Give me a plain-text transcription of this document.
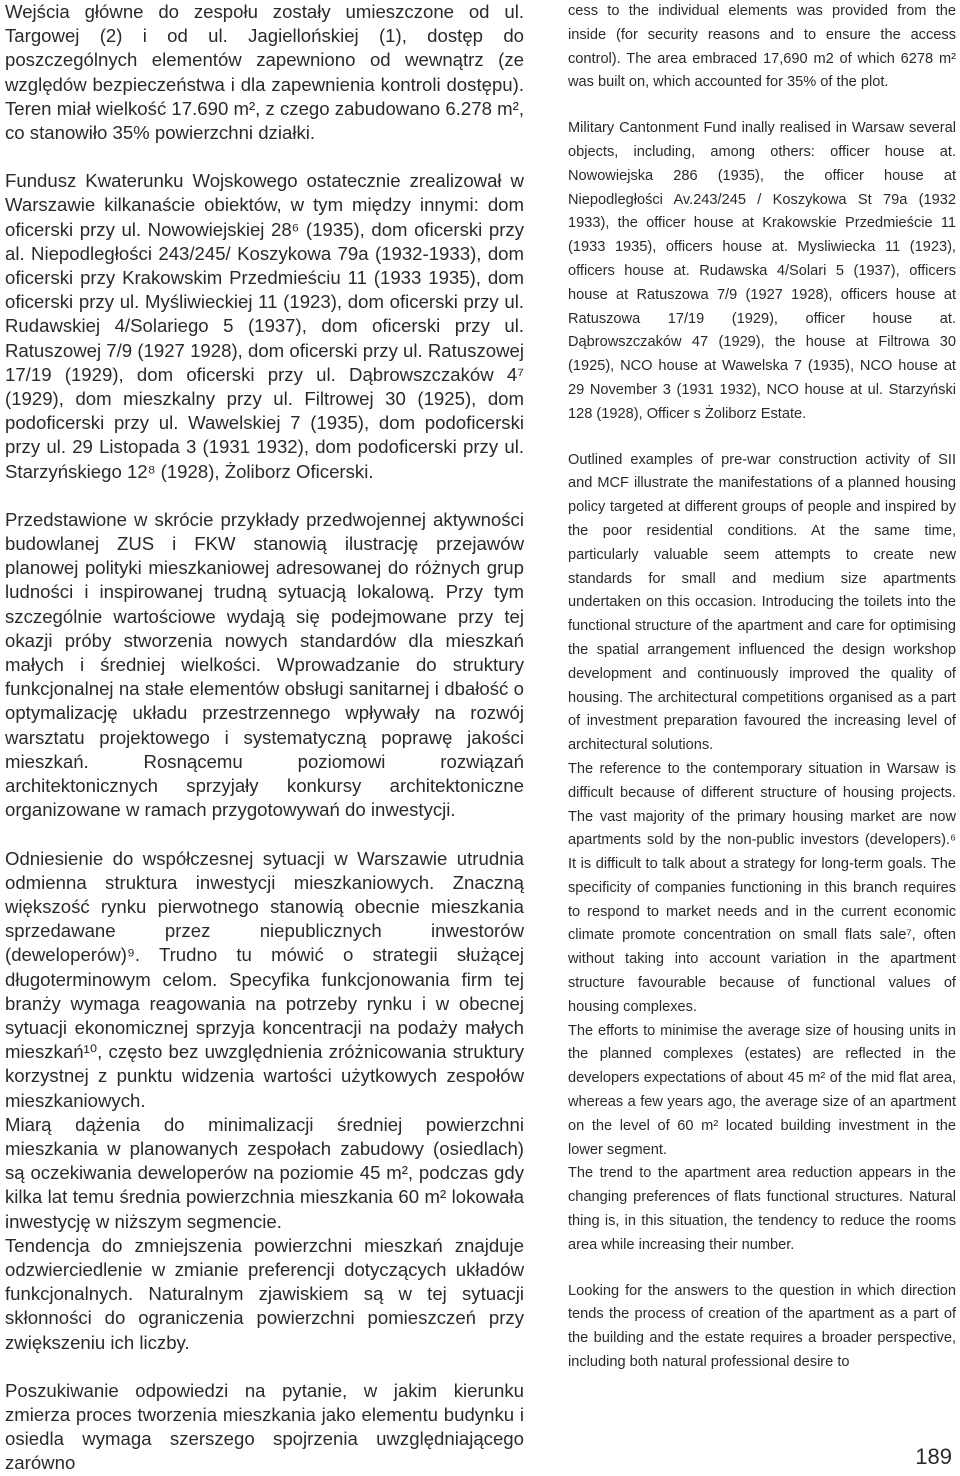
Wejścia główne do zespołu zostały umieszczone od ul. Targowej (2) i od ul. Jagiellońskiej (1), dostęp do poszczególnych elementów zapewniono od wewnątrz (ze względów bezpieczeństwa i dla zapewnienia kontroli dostępu). Teren miał wielkość 17.690 m², z czego zabudowano 6.278 m², co stanowiło 35% powierzchni działki.

Fundusz Kwaterunku Wojskowego ostatecznie zrealizował w Warszawie kilkanaście obiektów, w tym między innymi: dom oficerski przy ul. Nowowiejskiej 28⁶ (1935), dom oficerski przy al. Niepodległości 243/245/ Koszykowa 79a (1932-1933), dom oficerski przy Krakowskim Przedmieściu 11 (1933 1935), dom oficerski przy ul. Myśliwieckiej 11 (1923), dom oficerski przy ul. Rudawskiej 4/Solariego 5 (1937), dom oficerski przy ul. Ratuszowej 7/9 (1927 1928), dom oficerski przy ul. Ratuszowej 17/19 (1929), dom oficerski przy ul. Dąbrowszczaków 4⁷ (1929), dom mieszkalny przy ul. Filtrowej 30 (1925), dom podoficerski przy ul. Wawelskiej 7 (1935), dom podoficerski przy ul. 29 Listopada 3 (1931 1932), dom podoficerski przy ul. Starzyńskiego 12⁸ (1928), Żoliborz Oficerski.

Przedstawione w skrócie przykłady przedwojennej aktywności budowlanej ZUS i FKW stanowią ilustrację przejawów planowej polityki mieszkaniowej adresowanej do różnych grup ludności i inspirowanej trudną sytuacją lokalową. Przy tym szczególnie wartościowe wydają się podejmowane przy tej okazji próby stworzenia nowych standardów dla mieszkań małych i średniej wielkości. Wprowadzanie do struktury funkcjonalnej na stałe elementów obsługi sanitarnej i dbałość o optymalizację układu przestrzennego wpływały na rozwój warsztatu projektowego i systematyczną poprawę jakości mieszkań. Rosnącemu poziomowi rozwiązań architektonicznych sprzyjały konkursy architektoniczne organizowane w ramach przygotowywań do inwestycji.

Odniesienie do współczesnej sytuacji w Warszawie utrudnia odmienna struktura inwestycji mieszkaniowych. Znaczną większość rynku pierwotnego stanowią obecnie mieszkania sprzedawane przez niepublicznych inwestorów (deweloperów)⁹. Trudno tu mówić o strategii służącej długoterminowym celom. Specyfika funkcjonowania firm tej branży wymaga reagowania na potrzeby rynku i w obecnej sytuacji ekonomicznej sprzyja koncentracji na podaży małych mieszkań¹⁰, często bez uwzględnienia zróżnicowania struktury korzystnej z punktu widzenia wartości użytkowych zespołów mieszkaniowych.

Miarą dążenia do minimalizacji średniej powierzchni mieszkania w planowanych zespołach zabudowy (osiedlach) są oczekiwania deweloperów na poziomie 45 m², podczas gdy kilka lat temu średnia powierzchnia mieszkania 60 m² lokowała inwestycję w niższym segmencie.

Tendencja do zmniejszenia powierzchni mieszkań znajduje odzwierciedlenie w zmianie preferencji dotyczących układów funkcjonalnych. Naturalnym zjawiskiem są w tej sytuacji skłonności do ograniczenia powierzchni pomieszczeń przy zwiększeniu ich liczby.

Poszukiwanie odpowiedzi na pytanie, w jakim kierunku zmierza proces tworzenia mieszkania jako elementu budynku i osiedla wymaga szerszego spojrzenia uwzględniającego zarówno

cess to the individual elements was provided from the inside (for security reasons and to ensure the access control). The area embraced 17,690 m2 of which 6278 m² was built on, which accounted for 35% of the plot.

Military Cantonment Fund inally realised in Warsaw several objects, including, among others: officer house at. Nowowiejska 286 (1935), the officer house at Niepodległości Av.243/245 / Koszykowa St 79a (1932 1933), the officer house at Krakowskie Przedmieście 11 (1933 1935), officers house at. Mysliwiecka 11 (1923), officers house at. Rudawska 4/Solari 5 (1937), officers house at Ratuszowa 7/9 (1927 1928), officers house at Ratuszowa 17/19 (1929), officer house at. Dąbrowszczaków 47 (1929), the house at Filtrowa 30 (1925), NCO house at Wawelska 7 (1935), NCO house at 29 November 3 (1931 1932), NCO house at ul. Starzyński 128 (1928), Officer s Żoliborz Estate.

Outlined examples of pre-war construction activity of SII and MCF illustrate the manifestations of a planned housing policy targeted at different groups of people and inspired by the poor residential conditions. At the same time, particularly valuable seem attempts to create new standards for small and medium size apartments undertaken on this occasion. Introducing the toilets into the functional structure of the apartment and care for optimising the spatial arrangement influenced the design workshop development and continuously improved the quality of housing. The architectural competitions organised as a part of investment preparation favoured the increasing level of architectural solutions.

The reference to the contemporary situation in Warsaw is difficult because of different structure of housing projects. The vast majority of the primary housing market are now apartments sold by the non-public investors (developers).⁶ It is difficult to talk about a strategy for long-term goals. The specificity of companies functioning in this branch requires to respond to market needs and in the current economic climate promote concentration on small flats sale⁷, often without taking into account variation in the apartment structure favourable because of functional values of housing complexes.

The efforts to minimise the average size of housing units in the planned complexes (estates) are reflected in the developers expectations of about 45 m² of the mid flat area, whereas a few years ago, the average size of an apartment on the level of 60 m² located building investment in the lower segment.

The trend to the apartment area reduction appears in the changing preferences of flats functional structures. Natural thing is, in this situation, the tendency to reduce the rooms area while increasing their number.

Looking for the answers to the question in which direction tends the process of creation of the apartment as a part of the building and the estate requires a broader perspective, including both natural professional desire to

189
